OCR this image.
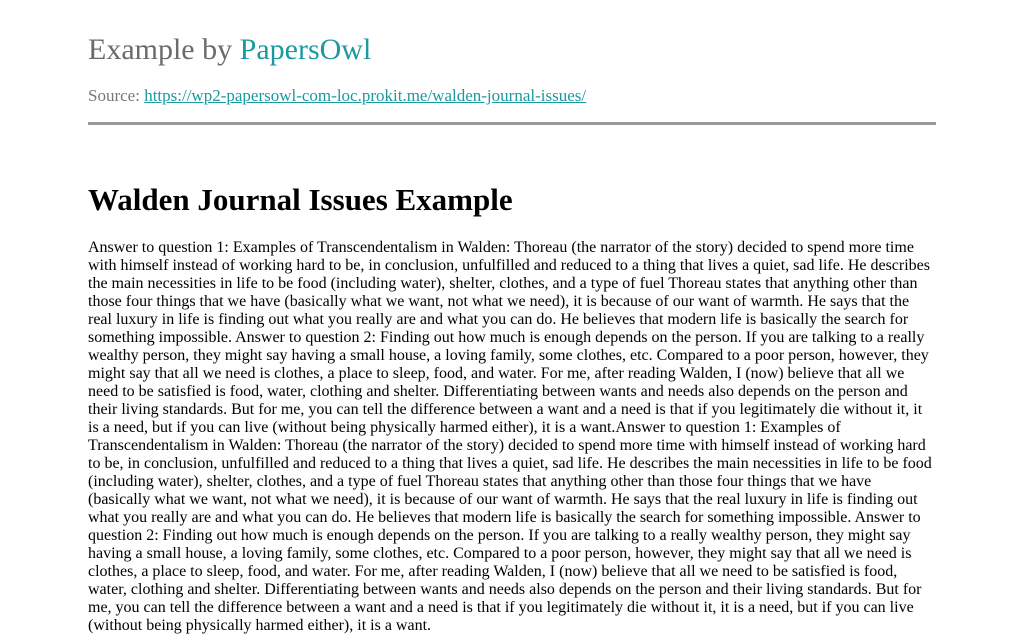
Example by PapersOwl
Source: https://wp2-papersowl-com-loc.prokit.me/walden-journal-issues/
Walden Journal Issues Example

Answer to question 1: Examples of Transcendentalism in Walden: Thoreau (the narrator of the story) decided to spend more time with himself instead of working hard to be, in conclusion, unfulfilled and reduced to a thing that lives a quiet, sad life. He describes the main necessities in life to be food (including water), shelter, clothes, and a type of fuel Thoreau states that anything other than those four things that we have (basically what we want, not what we need), it is because of our want of warmth. He says that the real luxury in life is finding out what you really are and what you can do. He believes that modern life is basically the search for something impossible. Answer to question 2: Finding out how much is enough depends on the person. If you are talking to a really wealthy person, they might say having a small house, a loving family, some clothes, etc. Compared to a poor person, however, they might say that all we need is clothes, a place to sleep, food, and water. For me, after reading Walden, I (now) believe that all we need to be satisfied is food, water, clothing and shelter. Differentiating between wants and needs also depends on the person and their living standards. But for me, you can tell the difference between a want and a need is that if you legitimately die without it, it is a need, but if you can live (without being physically harmed either), it is a want.Answer to question 1: Examples of Transcendentalism in Walden: Thoreau (the narrator of the story) decided to spend more time with himself instead of working hard to be, in conclusion, unfulfilled and reduced to a thing that lives a quiet, sad life. He describes the main necessities in life to be food (including water), shelter, clothes, and a type of fuel Thoreau states that anything other than those four things that we have (basically what we want, not what we need), it is because of our want of warmth. He says that the real luxury in life is finding out what you really are and what you can do. He believes that modern life is basically the search for something impossible. Answer to question 2: Finding out how much is enough depends on the person. If you are talking to a really wealthy person, they might say having a small house, a loving family, some clothes, etc. Compared to a poor person, however, they might say that all we need is clothes, a place to sleep, food, and water. For me, after reading Walden, I (now) believe that all we need to be satisfied is food, water, clothing and shelter. Differentiating between wants and needs also depends on the person and their living standards. But for me, you can tell the difference between a want and a need is that if you legitimately die without it, it is a need, but if you can live (without being physically harmed either), it is a want.
